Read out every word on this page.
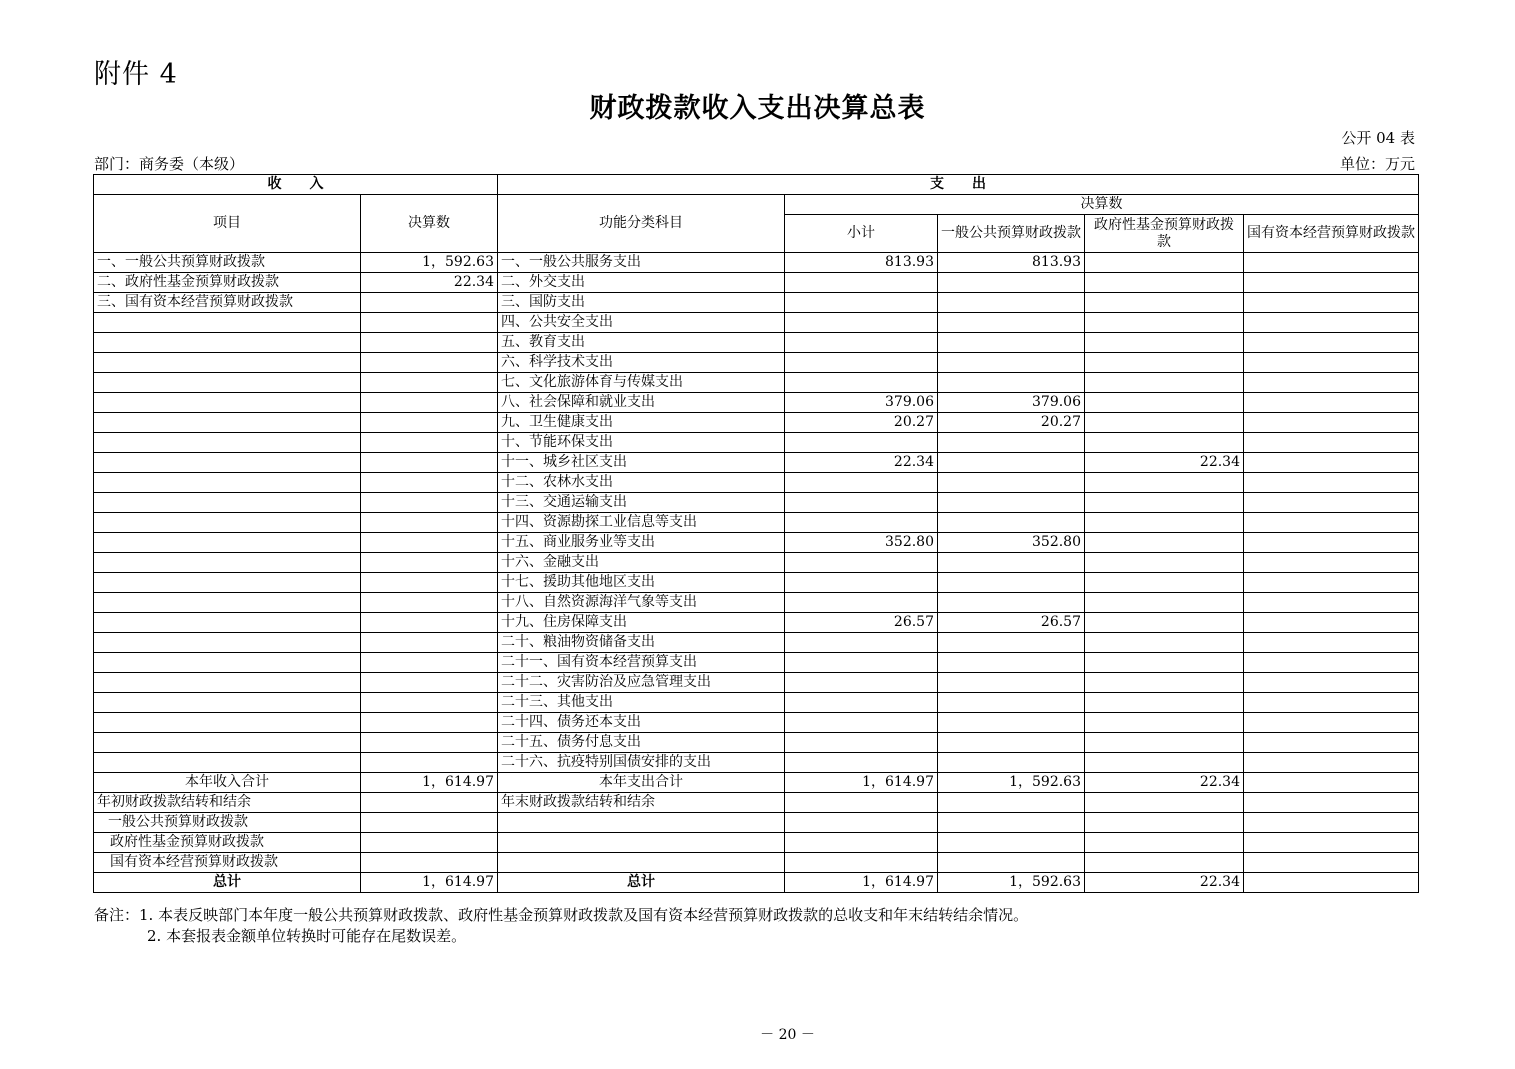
附件 4
财政拨款收入支出决算总表
公开 04 表
部门：商务委（本级）	单位：万元
收　　入		支　　出				
项目	决算数	功能分类科目	决算数			
			小计	一般公共预算财政拨款	政府性基金预算财政拨款	国有资本经营预算财政拨款
一、一般公共预算财政拨款	1，592.63	一、一般公共服务支出	813.93	813.93		
二、政府性基金预算财政拨款	22.34	二、外交支出				
三、国有资本经营预算财政拨款		三、国防支出				
		四、公共安全支出				
		五、教育支出				
		六、科学技术支出				
		七、文化旅游体育与传媒支出				
		八、社会保障和就业支出	379.06	379.06		
		九、卫生健康支出	20.27	20.27		
		十、节能环保支出				
		十一、城乡社区支出	22.34		22.34	
		十二、农林水支出				
		十三、交通运输支出				
		十四、资源勘探工业信息等支出				
		十五、商业服务业等支出	352.80	352.80		
		十六、金融支出				
		十七、援助其他地区支出				
		十八、自然资源海洋气象等支出				
		十九、住房保障支出	26.57	26.57		
		二十、粮油物资储备支出				
		二十一、国有资本经营预算支出				
		二十二、灾害防治及应急管理支出				
		二十三、其他支出				
		二十四、债务还本支出				
		二十五、债务付息支出				
		二十六、抗疫特别国债安排的支出				
本年收入合计	1，614.97	本年支出合计	1，614.97	1，592.63	22.34	
年初财政拨款结转和结余		年末财政拨款结转和结余				
一般公共预算财政拨款						
政府性基金预算财政拨款						
国有资本经营预算财政拨款						
总计	1，614.97	总计	1，614.97	1，592.63	22.34	
备注：1. 本表反映部门本年度一般公共预算财政拨款、政府性基金预算财政拨款及国有资本经营预算财政拨款的总收支和年末结转结余情况。
2. 本套报表金额单位转换时可能存在尾数误差。
－ 20 －
